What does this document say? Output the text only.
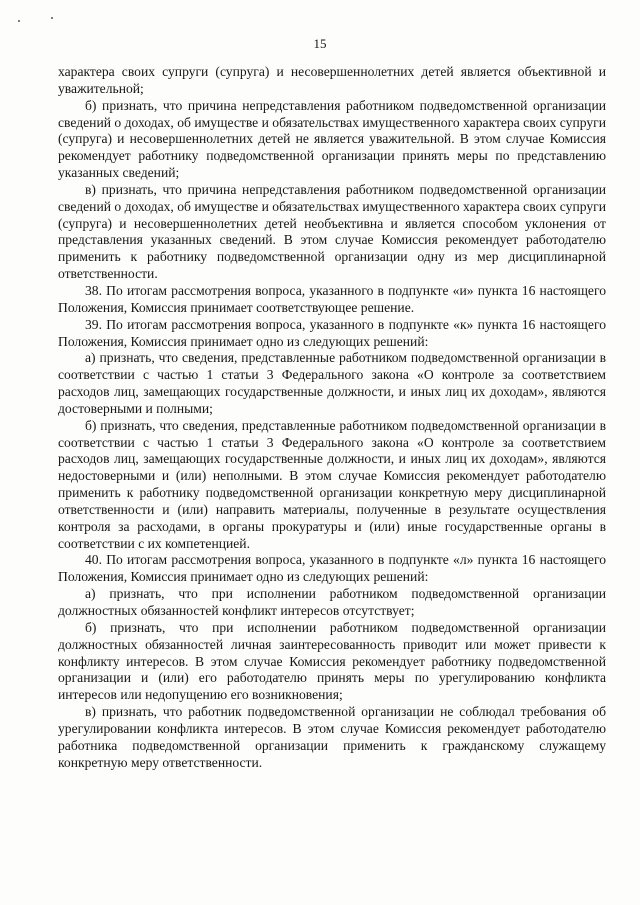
15

характера своих супруги (супруга) и несовершеннолетних детей является объективной и уважительной;

б) признать, что причина непредставления работником подведомственной организации сведений о доходах, об имуществе и обязательствах имущественного характера своих супруги (супруга) и несовершеннолетних детей не является уважительной. В этом случае Комиссия рекомендует работнику подведомственной организации принять меры по представлению указанных сведений;

в) признать, что причина непредставления работником подведомственной организации сведений о доходах, об имуществе и обязательствах имущественного характера своих супруги (супруга) и несовершеннолетних детей необъективна и является способом уклонения от представления указанных сведений. В этом случае Комиссия рекомендует работодателю применить к работнику подведомственной организации одну из мер дисциплинарной ответственности.

38. По итогам рассмотрения вопроса, указанного в подпункте «и» пункта 16 настоящего Положения, Комиссия принимает соответствующее решение.

39. По итогам рассмотрения вопроса, указанного в подпункте «к» пункта 16 настоящего Положения, Комиссия принимает одно из следующих решений:

а) признать, что сведения, представленные работником подведомственной организации в соответствии с частью 1 статьи 3 Федерального закона «О контроле за соответствием расходов лиц, замещающих государственные должности, и иных лиц их доходам», являются достоверными и полными;

б) признать, что сведения, представленные работником подведомственной организации в соответствии с частью 1 статьи 3 Федерального закона «О контроле за соответствием расходов лиц, замещающих государственные должности, и иных лиц их доходам», являются недостоверными и (или) неполными. В этом случае Комиссия рекомендует работодателю применить к работнику подведомственной организации конкретную меру дисциплинарной ответственности и (или) направить материалы, полученные в результате осуществления контроля за расходами, в органы прокуратуры и (или) иные государственные органы в соответствии с их компетенцией.

40. По итогам рассмотрения вопроса, указанного в подпункте «л» пункта 16 настоящего Положения, Комиссия принимает одно из следующих решений:

а) признать, что при исполнении работником подведомственной организации должностных обязанностей конфликт интересов отсутствует;

б) признать, что при исполнении работником подведомственной организации должностных обязанностей личная заинтересованность приводит или может привести к конфликту интересов. В этом случае Комиссия рекомендует работнику подведомственной организации и (или) его работодателю принять меры по урегулированию конфликта интересов или недопущению его возникновения;

в) признать, что работник подведомственной организации не соблюдал требования об урегулировании конфликта интересов. В этом случае Комиссия рекомендует работодателю работника подведомственной организации применить к гражданскому служащему конкретную меру ответственности.
